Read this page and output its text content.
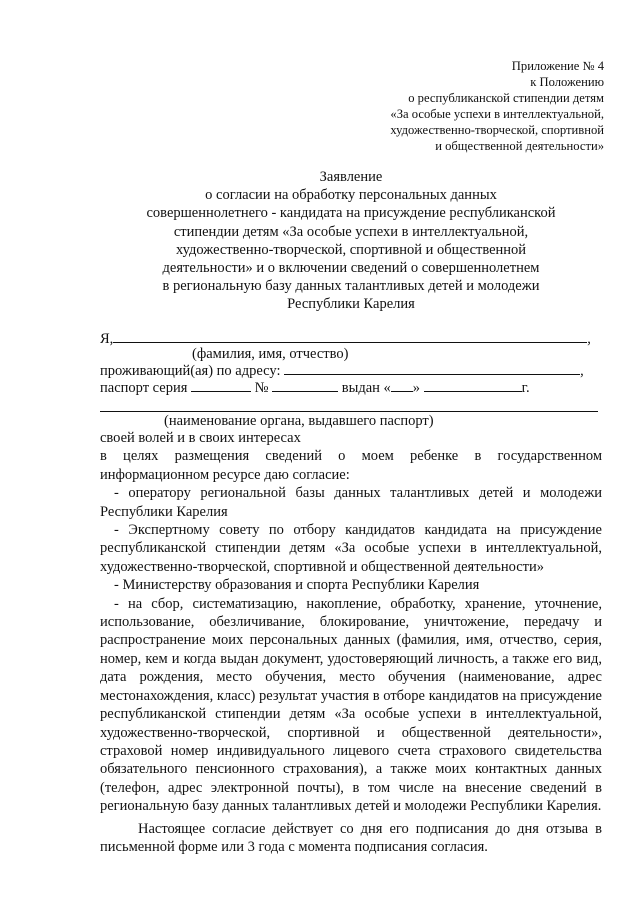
Приложение № 4
к Положению
о республиканской стипендии детям
«За особые успехи в интеллектуальной,
художественно-творческой, спортивной
и общественной деятельности»
Заявление
о согласии на обработку персональных данных
совершеннолетнего - кандидата на присуждение республиканской
стипендии детям «За особые успехи в интеллектуальной,
художественно-творческой, спортивной и общественной
деятельности» и о включении сведений о совершеннолетнем
в региональную базу данных талантливых детей и молодежи
Республики Карелия
Я,	,
(фамилия, имя, отчество)
проживающий(ая) по адресу:	,
паспорт серия	№	выдан « »	г.
(наименование органа, выдавшего паспорт)

своей волей и в своих интересах

в целях размещения сведений о моем ребенке в государственном информационном ресурсе даю согласие:

- оператору региональной базы данных талантливых детей и молодежи Республики Карелия

- Экспертному совету по отбору кандидатов кандидата на присуждение республиканской стипендии детям «За особые успехи в интеллектуальной, художественно-творческой, спортивной и общественной деятельности»

- Министерству образования и спорта Республики Карелия

- на сбор, систематизацию, накопление, обработку, хранение, уточнение, использование, обезличивание, блокирование, уничтожение, передачу и распространение моих персональных данных (фамилия, имя, отчество, серия, номер, кем и когда выдан документ, удостоверяющий личность, а также его вид, дата рождения, место обучения, место обучения (наименование, адрес местонахождения, класс) результат участия в отборе кандидатов на присуждение республиканской стипендии детям «За особые успехи в интеллектуальной, художественно-творческой, спортивной и общественной деятельности», страховой номер индивидуального лицевого счета страхового свидетельства обязательного пенсионного страхования), а также моих контактных данных (телефон, адрес электронной почты), в том числе на внесение сведений в региональную базу данных талантливых детей и молодежи Республики Карелия.

Настоящее согласие действует со дня его подписания до дня отзыва в письменной форме или 3 года с момента подписания согласия.
